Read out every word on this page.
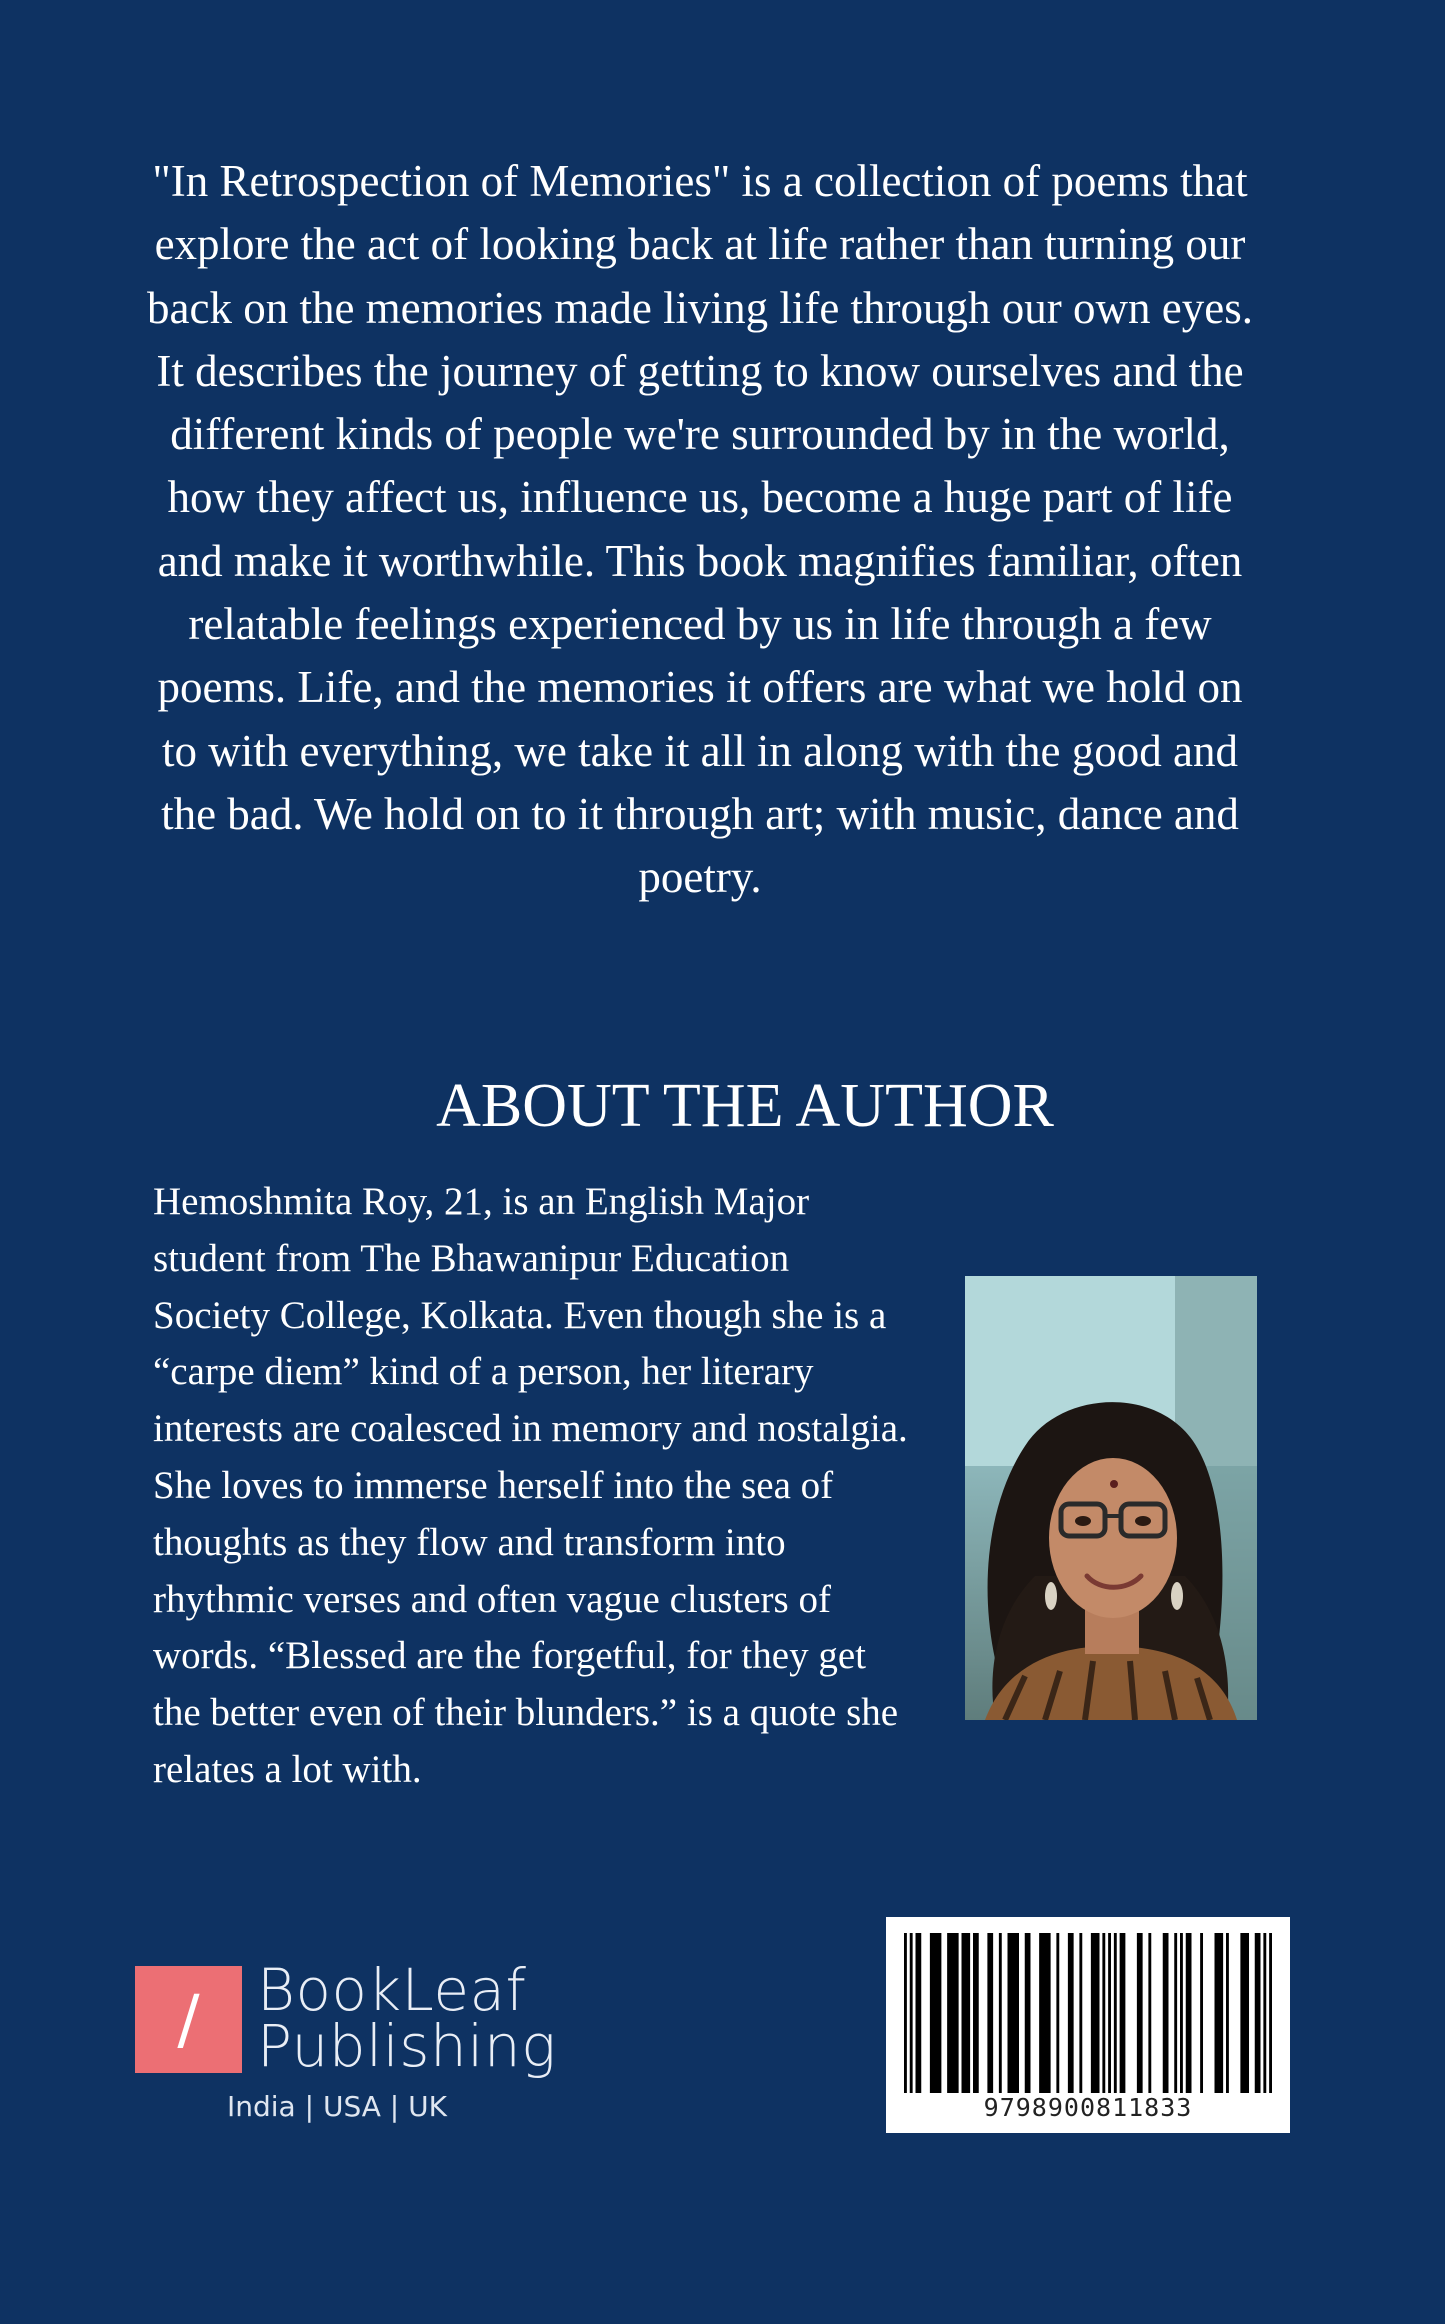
"In Retrospection of Memories" is a collection of poems that explore the act of looking back at life rather than turning our back on the memories made living life through our own eyes. It describes the journey of getting to know ourselves and the different kinds of people we're surrounded by in the world, how they affect us, influence us, become a huge part of life and make it worthwhile. This book magnifies familiar, often relatable feelings experienced by us in life through a few poems. Life, and the memories it offers are what we hold on to with everything, we take it all in along with the good and the bad. We hold on to it through art; with music, dance and poetry.

ABOUT THE AUTHOR

Hemoshmita Roy, 21, is an English Major student from The Bhawanipur Education Society College, Kolkata. Even though she is a “carpe diem” kind of a person, her literary interests are coalesced in memory and nostalgia. She loves to immerse herself into the sea of thoughts as they flow and transform into rhythmic verses and often vague clusters of words. “Blessed are the forgetful, for they get the better even of their blunders.” is a quote she relates a lot with.

/ BookLeaf
Publishing
India | USA | UK	9798900811833
